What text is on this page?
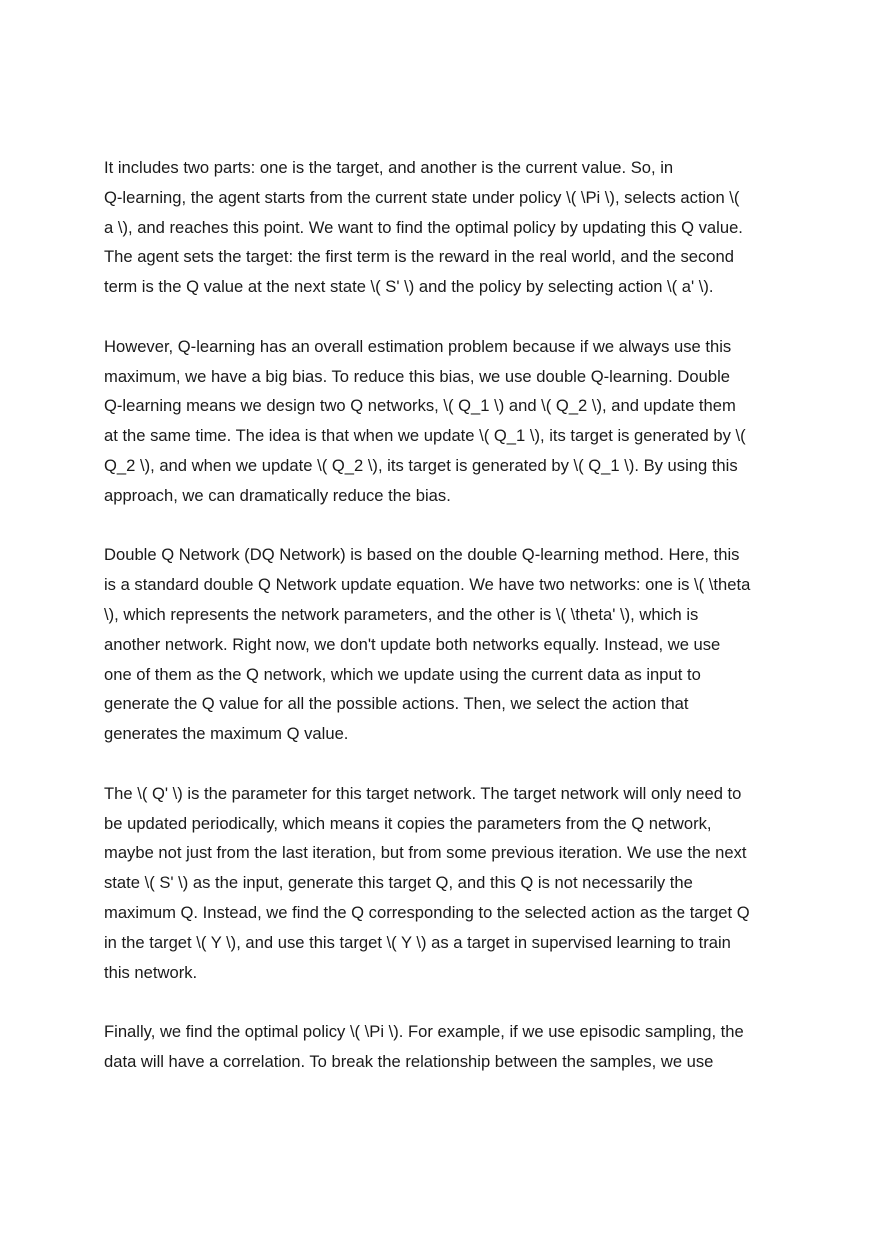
It includes two parts: one is the target, and another is the current value. So, in
Q-learning, the agent starts from the current state under policy \( \Pi \), selects action \(
a \), and reaches this point. We want to find the optimal policy by updating this Q value.
The agent sets the target: the first term is the reward in the real world, and the second
term is the Q value at the next state \( S' \) and the policy by selecting action \( a' \).

However, Q-learning has an overall estimation problem because if we always use this
maximum, we have a big bias. To reduce this bias, we use double Q-learning. Double
Q-learning means we design two Q networks, \( Q_1 \) and \( Q_2 \), and update them
at the same time. The idea is that when we update \( Q_1 \), its target is generated by \(
Q_2 \), and when we update \( Q_2 \), its target is generated by \( Q_1 \). By using this
approach, we can dramatically reduce the bias.

Double Q Network (DQ Network) is based on the double Q-learning method. Here, this
is a standard double Q Network update equation. We have two networks: one is \( \theta
\), which represents the network parameters, and the other is \( \theta' \), which is
another network. Right now, we don't update both networks equally. Instead, we use
one of them as the Q network, which we update using the current data as input to
generate the Q value for all the possible actions. Then, we select the action that
generates the maximum Q value.

The \( Q' \) is the parameter for this target network. The target network will only need to
be updated periodically, which means it copies the parameters from the Q network,
maybe not just from the last iteration, but from some previous iteration. We use the next
state \( S' \) as the input, generate this target Q, and this Q is not necessarily the
maximum Q. Instead, we find the Q corresponding to the selected action as the target Q
in the target \( Y \), and use this target \( Y \) as a target in supervised learning to train
this network.

Finally, we find the optimal policy \( \Pi \). For example, if we use episodic sampling, the
data will have a correlation. To break the relationship between the samples, we use
